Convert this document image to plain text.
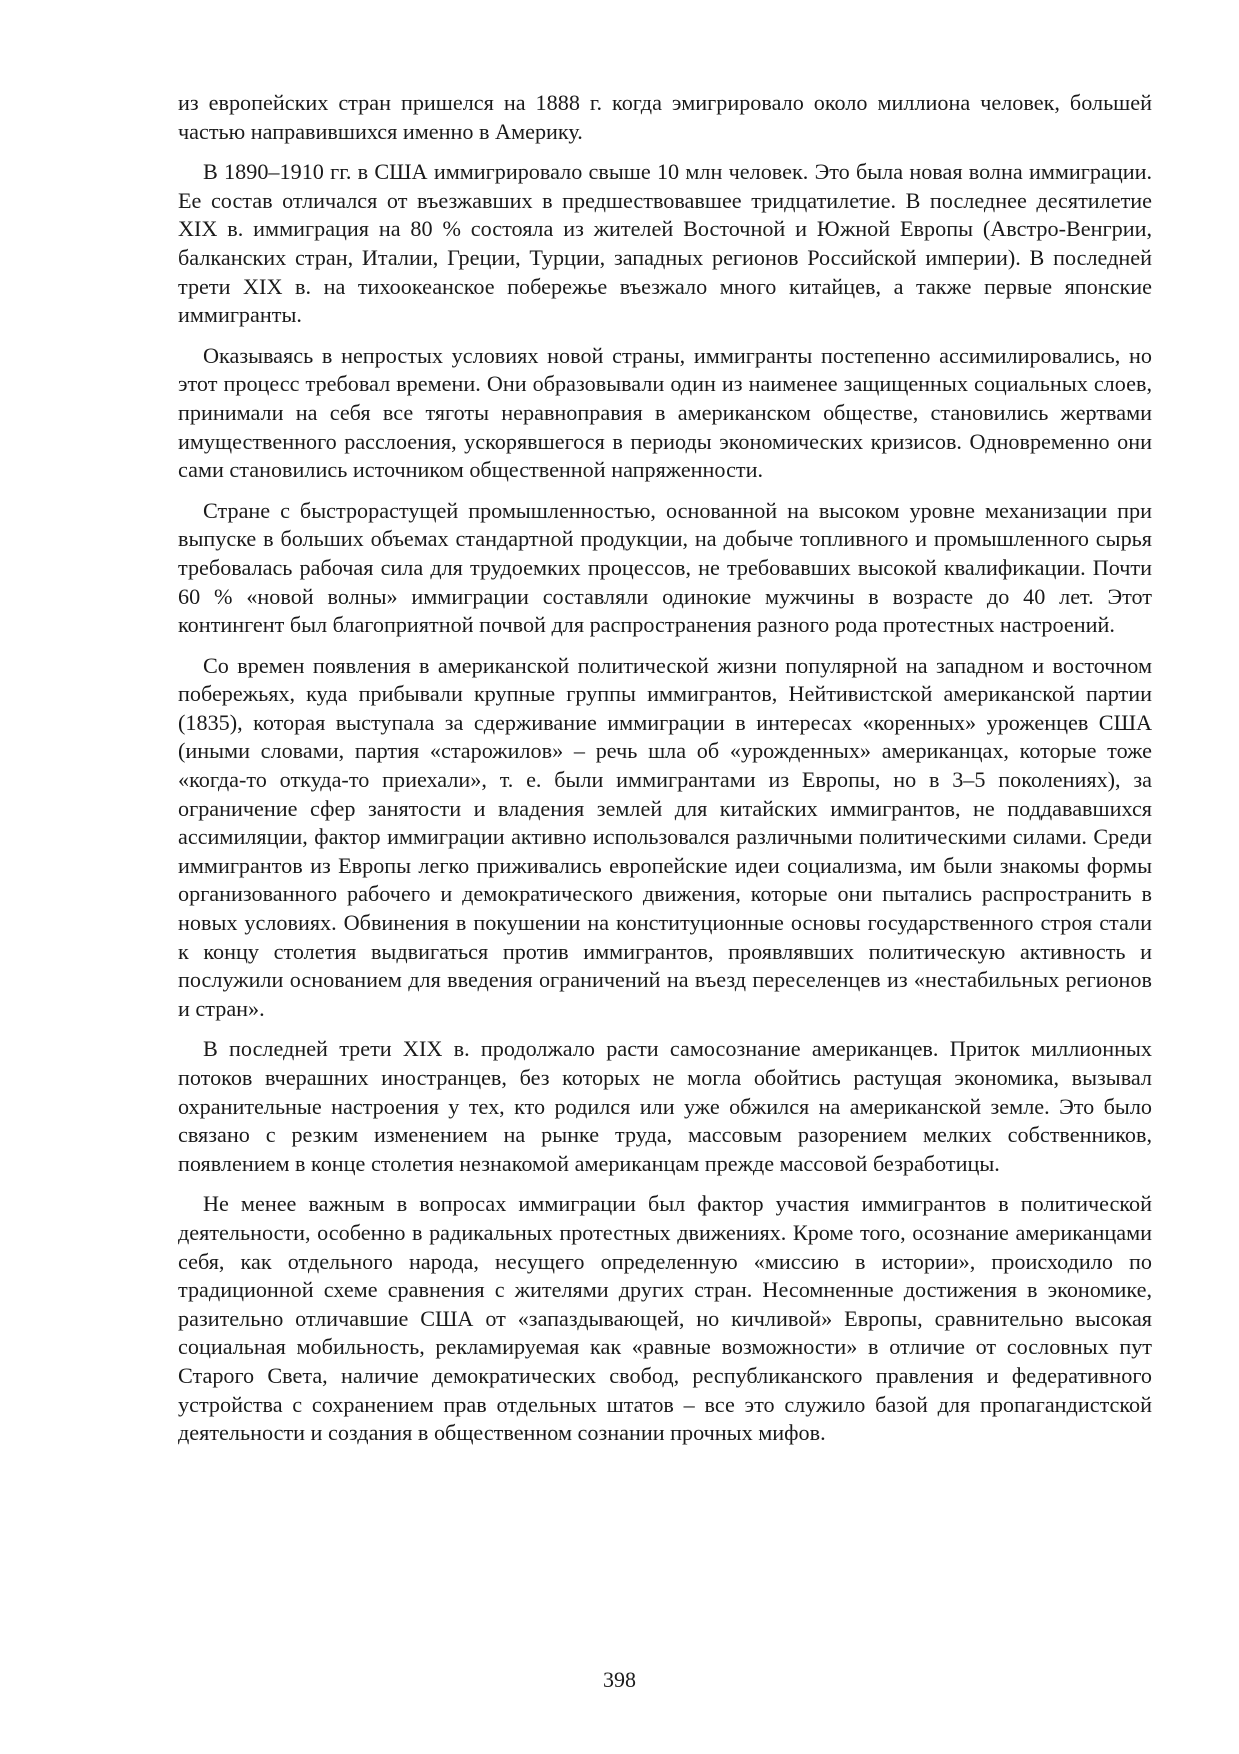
из европейских стран пришелся на 1888 г. когда эмигрировало около миллиона человек, большей частью направившихся именно в Америку.

В 1890–1910 гг. в США иммигрировало свыше 10 млн человек. Это была новая волна иммиграции. Ее состав отличался от въезжавших в предшествовавшее тридцатилетие. В последнее десятилетие XIX в. иммиграция на 80 % состояла из жителей Восточной и Южной Европы (Австро-Венгрии, балканских стран, Италии, Греции, Турции, западных регионов Российской империи). В последней трети XIX в. на тихоокеанское побережье въезжало много китайцев, а также первые японские иммигранты.

Оказываясь в непростых условиях новой страны, иммигранты постепенно ассимилировались, но этот процесс требовал времени. Они образовывали один из наименее защищенных социальных слоев, принимали на себя все тяготы неравноправия в американском обществе, становились жертвами имущественного расслоения, ускорявшегося в периоды экономических кризисов. Одновременно они сами становились источником общественной напряженности.

Стране с быстрорастущей промышленностью, основанной на высоком уровне механизации при выпуске в больших объемах стандартной продукции, на добыче топливного и промышленного сырья требовалась рабочая сила для трудоемких процессов, не требовавших высокой квалификации. Почти 60 % «новой волны» иммиграции составляли одинокие мужчины в возрасте до 40 лет. Этот контингент был благоприятной почвой для распространения разного рода протестных настроений.

Со времен появления в американской политической жизни популярной на западном и восточном побережьях, куда прибывали крупные группы иммигрантов, Нейтивистской американской партии (1835), которая выступала за сдерживание иммиграции в интересах «коренных» уроженцев США (иными словами, партия «старожилов» – речь шла об «урожденных» американцах, которые тоже «когда-то откуда-то приехали», т. е. были иммигрантами из Европы, но в 3–5 поколениях), за ограничение сфер занятости и владения землей для китайских иммигрантов, не поддававшихся ассимиляции, фактор иммиграции активно использовался различными политическими силами. Среди иммигрантов из Европы легко приживались европейские идеи социализма, им были знакомы формы организованного рабочего и демократического движения, которые они пытались распространить в новых условиях. Обвинения в покушении на конституционные основы государственного строя стали к концу столетия выдвигаться против иммигрантов, проявлявших политическую активность и послужили основанием для введения ограничений на въезд переселенцев из «нестабильных регионов и стран».

В последней трети XIX в. продолжало расти самосознание американцев. Приток миллионных потоков вчерашних иностранцев, без которых не могла обойтись растущая экономика, вызывал охранительные настроения у тех, кто родился или уже обжился на американской земле. Это было связано с резким изменением на рынке труда, массовым разорением мелких собственников, появлением в конце столетия незнакомой американцам прежде массовой безработицы.

Не менее важным в вопросах иммиграции был фактор участия иммигрантов в политической деятельности, особенно в радикальных протестных движениях. Кроме того, осознание американцами себя, как отдельного народа, несущего определенную «миссию в истории», происходило по традиционной схеме сравнения с жителями других стран. Несомненные достижения в экономике, разительно отличавшие США от «запаздывающей, но кичливой» Европы, сравнительно высокая социальная мобильность, рекламируемая как «равные возможности» в отличие от сословных пут Старого Света, наличие демократических свобод, республиканского правления и федеративного устройства с сохранением прав отдельных штатов – все это служило базой для пропагандистской деятельности и создания в общественном сознании прочных мифов.

398
